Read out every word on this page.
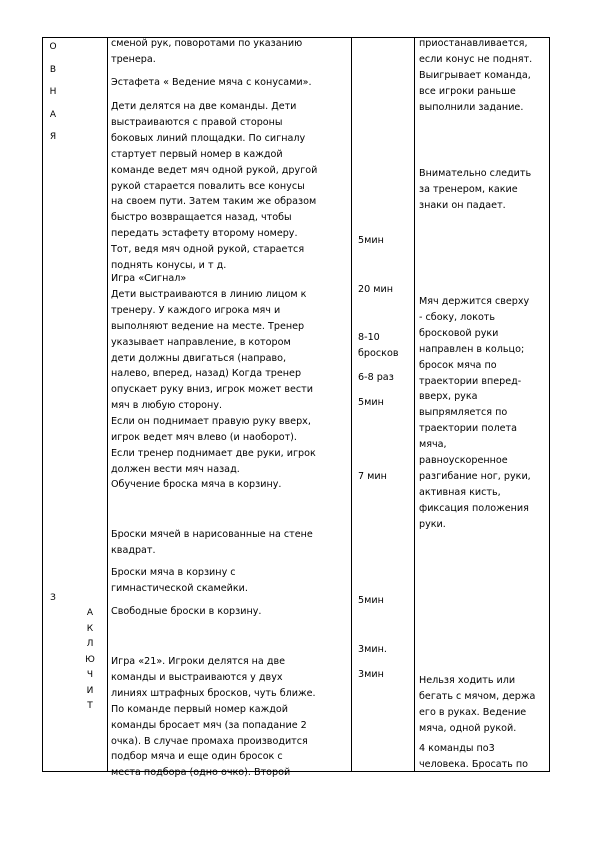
О
В
Н
А
Я
З
А
К
Л
Ю
Ч
И
Т
сменой рук, поворотами по указанию
тренера.
Эстафета « Ведение мяча с конусами».
Дети делятся на две команды. Дети
выстраиваются с правой стороны
боковых линий площадки. По сигналу
стартует первый номер в каждой
команде ведет мяч одной рукой, другой
рукой старается повалить все конусы
на своем пути. Затем таким же образом
быстро возвращается назад, чтобы
передать эстафету второму номеру.
Тот, ведя мяч одной рукой, старается
поднять конусы, и т д.
Игра «Сигнал»
Дети выстраиваются в линию лицом к
тренеру. У каждого игрока мяч и
выполняют ведение на месте. Тренер
указывает направление, в котором
дети должны двигаться (направо,
налево, вперед, назад) Когда тренер
опускает руку вниз, игрок может вести
мяч в любую сторону.
Если он поднимает правую руку вверх,
игрок ведет мяч влево (и наоборот).
Если тренер поднимает две руки, игрок
должен вести мяч назад.
Обучение броска мяча в корзину.
Броски мячей в нарисованные на стене
квадрат.
Броски мяча в корзину с
гимнастической скамейки.
Свободные броски в корзину.
Игра «21». Игроки делятся на две
команды и выстраиваются у двух
линиях штрафных бросков, чуть ближе.
По команде первый номер каждой
команды бросает мяч (за попадание 2
очка). В случае промаха производится
подбор мяча и еще один бросок с
места подбора (одно очко). Второй
5мин
20 мин
8-10
бросков
6-8 раз
5мин
7 мин
5мин
3мин.
3мин
приостанавливается,
если конус не поднят.
Выигрывает команда,
все игроки раньше
выполнили задание.
Внимательно следить
за тренером, какие
знаки он падает.
Мяч держится сверху
- сбоку, локоть
бросковой руки
направлен в кольцо;
бросок мяча по
траектории вперед-
вверх, рука
выпрямляется по
траектории полета
мяча,
равноускоренное
разгибание ног, руки,
активная кисть,
фиксация положения
руки.
Нельзя ходить или
бегать с мячом, держа
его в руках. Ведение
мяча, одной рукой.
4 команды по3
человека. Бросать по
